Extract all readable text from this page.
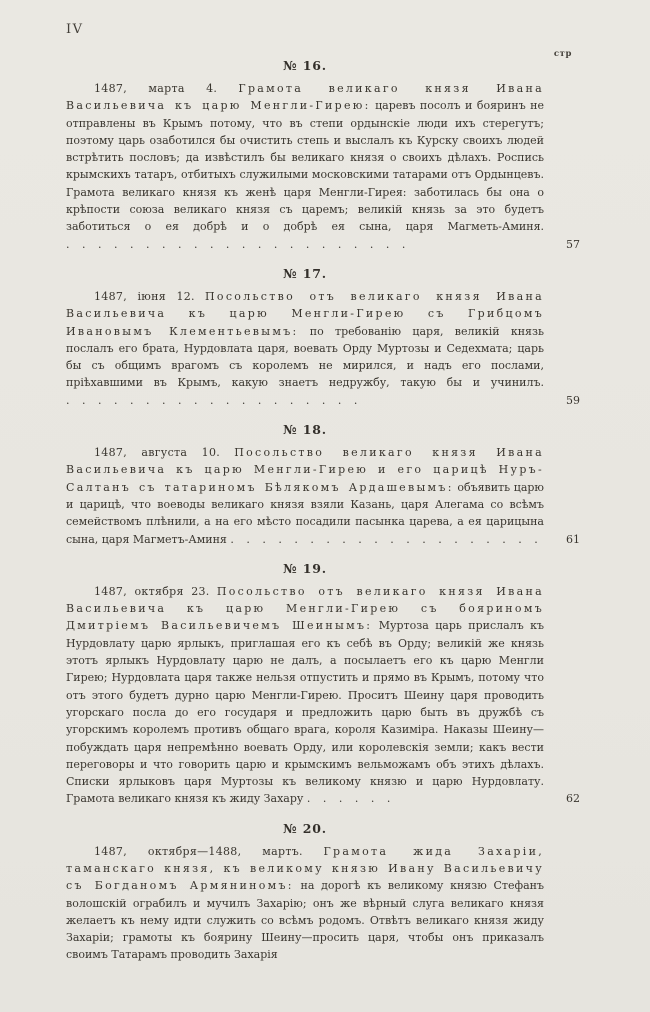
IV
стр
№ 16.

1487, марта 4. Грамота великаго князя Ивана Васильевича къ царю Менгли-Гирею: царевъ посолъ и бояринъ не отправлены въ Крымъ потому, что въ степи ордынскіе люди ихъ стерегутъ; поэтому царь озаботился бы очистить степь и выслалъ къ Курску своихъ людей встрѣтить пословъ; да извѣстилъ бы великаго князя о своихъ дѣлахъ. Роспись крымскихъ татаръ, отбитыхъ служилыми московскими татарами отъ Ордынцевъ. Грамота великаго князя къ женѣ царя Менгли-Гирея: заботилась бы она о крѣпости союза великаго князя съ царемъ; великій князь за это будетъ заботиться о ея добрѣ и о добрѣ ея сына, царя Магметь-Аминя. . . . . . . . . . . . . . . . . . . . . . .	57

№ 17.

1487, іюня 12. Посольство отъ великаго князя Ивана Васильевича къ царю Менгли-Гирею съ Грибцомъ Ивановымъ Клементьевымъ: по требованію царя, великій князь послалъ его брата, Нурдовлата царя, воевать Орду Муртозы и Седехмата; царь бы съ общимъ врагомъ съ королемъ не мирился, и надъ его послами, пріѣхавшими въ Крымъ, какую знаетъ недружбу, такую бы и учинилъ. . . . . . . . . . . . . . . . . . . .	59

№ 18.

1487, августа 10. Посольство великаго князя Ивана Васильевича къ царю Менгли-Гирею и его царицѣ Нуръ-Салтанъ съ татариномъ Бѣлякомъ Ардашевымъ: объявить царю и царицѣ, что воеводы великаго князя взяли Казань, царя Алегама со всѣмъ семействомъ плѣнили, а на его мѣсто посадили пасынка царева, а ея царицына сына, царя Магметъ-Аминя . . . . . . . . . . . . . . . . . . . . 61

№ 19.

1487, октября 23. Посольство отъ великаго князя Ивана Васильевича къ царю Менгли-Гирею съ бояриномъ Дмитріемъ Васильевичемъ Шеинымъ: Муртоза царь прислалъ къ Нурдовлату царю ярлыкъ, приглашая его къ себѣ въ Орду; великій же князь этотъ ярлыкъ Нурдовлату царю не далъ, а посылаетъ его къ царю Менгли Гирею; Нурдовлата царя также нельзя отпустить и прямо въ Крымъ, потому что отъ этого будетъ дурно царю Менгли-Гирею. Проситъ Шеину царя проводить угорскаго посла до его государя и предложить царю быть въ дружбѣ съ угорскимъ королемъ противъ общаго врага, короля Казиміра. Наказы Шеину—побуждать царя непремѣнно воевать Орду, или королевскія земли; какъ вести переговоры и что говорить царю и крымскимъ вельможамъ объ этихъ дѣлахъ. Списки ярлыковъ царя Муртозы къ великому князю и царю Нурдовлату. Грамота великаго князя къ жиду Захару . . . . . .	62

№ 20.

1487, октября—1488, мартъ. Грамота жида Захаріи, таманскаго князя, къ великому князю Ивану Васильевичу съ Богданомъ Армяниномъ: на дорогѣ къ великому князю Стефанъ волошскій ограбилъ и мучилъ Захарію; онъ же вѣрный слуга великаго князя желаетъ къ нему идти служить со всѣмъ родомъ. Отвѣтъ великаго князя жиду Захаріи; грамоты къ боярину Шеину—просить царя, чтобы онъ приказалъ своимъ Татарамъ проводить Захарія
